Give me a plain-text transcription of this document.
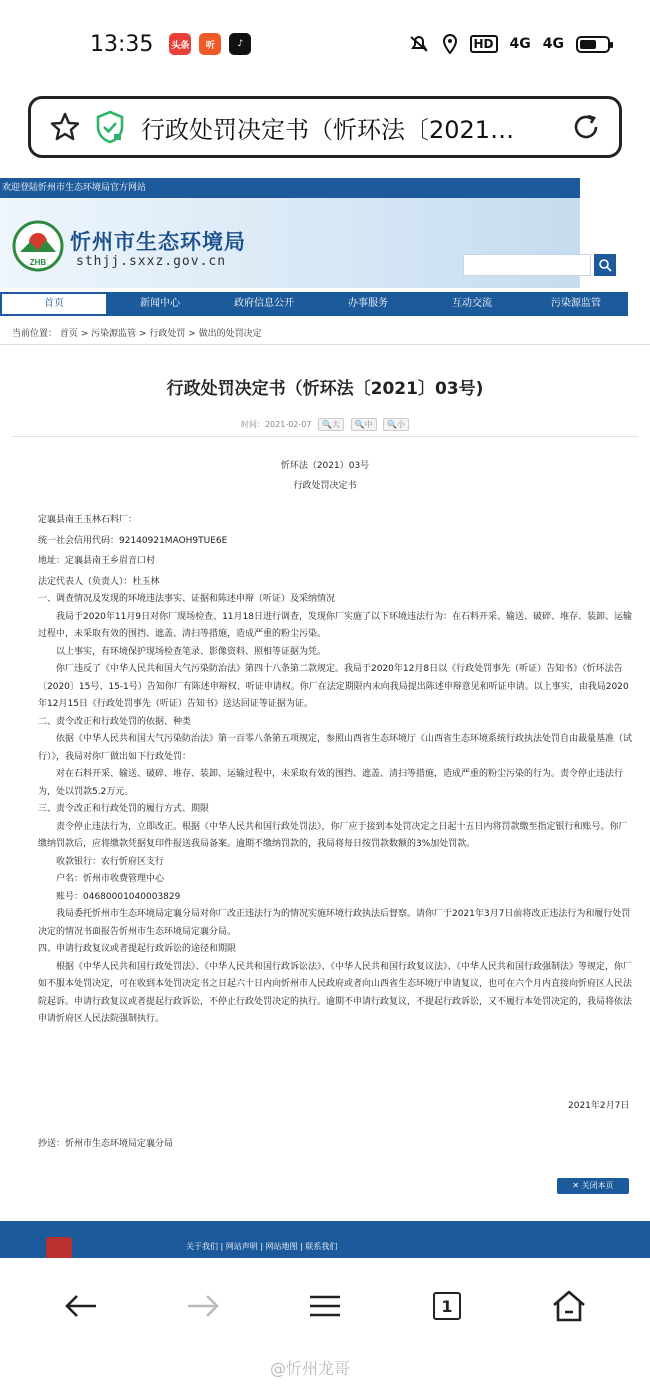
13:35 头条	听	♪	HD 4G 4G
行政处罚决定书（忻环法〔2021…
欢迎登陆忻州市生态环境局官方网站
ZHB
忻州市生态环境局
sthjj.sxxz.gov.cn
首页	新闻中心	政府信息公开	办事服务	互动交流	污染源监管
当前位置： 首页 > 污染源监管 > 行政处罚 > 做出的处罚决定
行政处罚决定书（忻环法〔2021〕03号)
时间：2021-02-07 🔍大 🔍中 🔍小
忻环法（2021）03号
行政处罚决定书

定襄县南王玉林石料厂：

统一社会信用代码：92140921MAOH9TUE6E

地址：定襄县南王乡眉音口村

法定代表人（负责人）：杜玉林

一、调查情况及发现的环境违法事实、证据和陈述申辩（听证）及采纳情况

我局于2020年11月9日对你厂现场检查、11月18日进行调查，发现你厂实施了以下环境违法行为：在石料开采、输送、破碎、堆存、装卸、运输过程中，未采取有效的围挡、遮盖、清扫等措施，造成严重的粉尘污染。

以上事实，有环境保护现场检查笔录、影像资料、照相等证据为凭。

你厂违反了《中华人民共和国大气污染防治法》第四十八条第二款规定。我局于2020年12月8日以《行政处罚事先（听证）告知书》（忻环法告〔2020〕15号、15-1号）告知你厂有陈述申辩权、听证申请权。你厂在法定期限内未向我局提出陈述申辩意见和听证申请。以上事实，由我局2020年12月15日《行政处罚事先（听证）告知书》送达回证等证据为证。

二、责令改正和行政处罚的依据、种类

依据《中华人民共和国大气污染防治法》第一百零八条第五项规定，参照山西省生态环境厅《山西省生态环境系统行政执法处罚自由裁量基准（试行）》，我局对你厂做出如下行政处罚：

对在石料开采、输送、破碎、堆存、装卸、运输过程中，未采取有效的围挡、遮盖、清扫等措施，造成严重的粉尘污染的行为。责令停止违法行为，处以罚款5.2万元。

三、责令改正和行政处罚的履行方式、期限

责令停止违法行为，立即改正。根据《中华人民共和国行政处罚法》，你厂应于接到本处罚决定之日起十五日内将罚款缴至指定银行和账号。你厂缴纳罚款后，应将缴款凭据复印件报送我局备案。逾期不缴纳罚款的，我局将每日按罚款数额的3%加处罚款。

收款银行：农行忻府区支行

户名：忻州市收费管理中心

账号：04680001040003829

我局委托忻州市生态环境局定襄分局对你厂改正违法行为的情况实施环境行政执法后督察。请你厂于2021年3月7日前将改正违法行为和履行处罚决定的情况书面报告忻州市生态环境局定襄分局。

四、申请行政复议或者提起行政诉讼的途径和期限

根据《中华人民共和国行政处罚法》、《中华人民共和国行政诉讼法》、《中华人民共和国行政复议法》、《中华人民共和国行政强制法》等规定，你厂如不服本处罚决定，可在收到本处罚决定书之日起六十日内向忻州市人民政府或者向山西省生态环境厅申请复议，也可在六个月内直接向忻府区人民法院起诉。申请行政复议或者提起行政诉讼，不停止行政处罚决定的执行。逾期不申请行政复议，不提起行政诉讼，又不履行本处罚决定的，我局将依法申请忻府区人民法院强制执行。

2021年2月7日
抄送：忻州市生态环境局定襄分局
✕ 关闭本页
关于我们 | 网站声明 | 网站地图 | 联系我们
1
@忻州龙哥
